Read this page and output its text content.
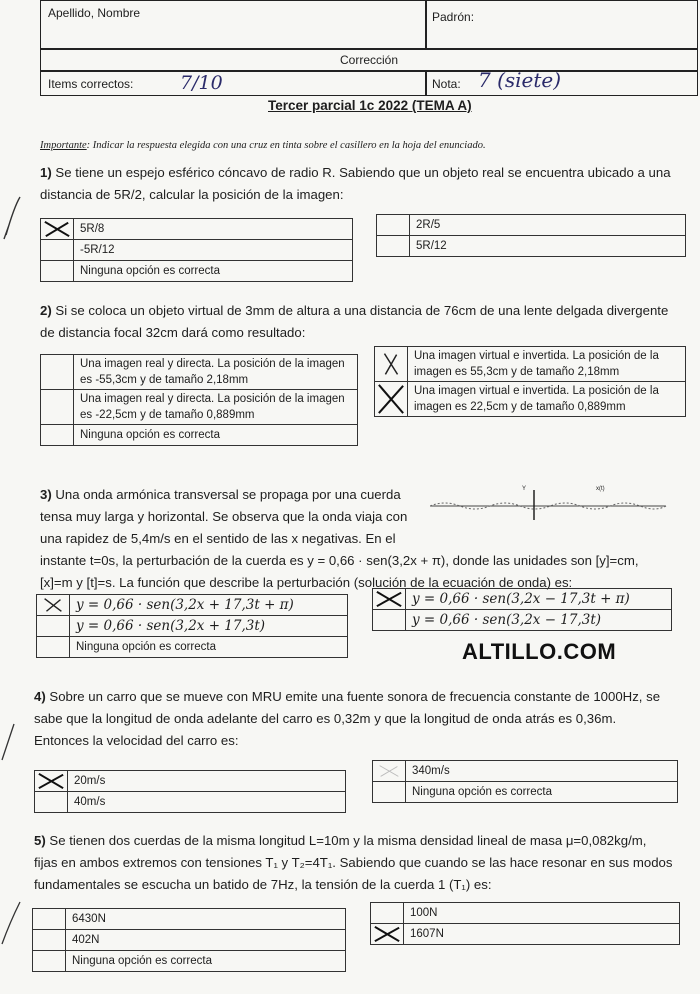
Apellido, Nombre	Padrón:
Corrección
Items correctos: 7/10	Nota: 7 (siete)
Tercer parcial 1c 2022 (TEMA A)
Importante: Indicar la respuesta elegida con una cruz en tinta sobre el casillero en la hoja del enunciado.
1) Se tiene un espejo esférico cóncavo de radio R. Sabiendo que un objeto real se encuentra ubicado a una
distancia de 5R/2, calcular la posición de la imagen:
	5R/8
	-5R/12
	Ninguna opción es correcta
	2R/5
	5R/12
2) Si se coloca un objeto virtual de 3mm de altura a una distancia de 76cm de una lente delgada divergente
de distancia focal 32cm dará como resultado:
	Una imagen real y directa. La posición de la imagen es -55,3cm y de tamaño 2,18mm
	Una imagen real y directa. La posición de la imagen es -22,5cm y de tamaño 0,889mm
	Ninguna opción es correcta
	Una imagen virtual e invertida. La posición de la imagen es 55,3cm y de tamaño 2,18mm

	Una imagen virtual e invertida. La posición de la imagen es 22,5cm y de tamaño 0,889mm
3) Una onda armónica transversal se propaga por una cuerda
tensa muy larga y horizontal. Se observa que la onda viaja con
una rapidez de 5,4m/s en el sentido de las x negativas. En el
instante t=0s, la perturbación de la cuerda es y = 0,66 · sen(3,2x + π), donde las unidades son [y]=cm,
[x]=m y [t]=s. La función que describe la perturbación (solución de la ecuación de onda) es:
Y	x(t)
	y = 0,66 · sen(3,2x + 17,3t + π)
	y = 0,66 · sen(3,2x + 17,3t)
	Ninguna opción es correcta
	y = 0,66 · sen(3,2x − 17,3t + π)
	y = 0,66 · sen(3,2x − 17,3t)
ALTILLO.COM
4) Sobre un carro que se mueve con MRU emite una fuente sonora de frecuencia constante de 1000Hz, se
sabe que la longitud de onda adelante del carro es 0,32m y que la longitud de onda atrás es 0,36m.
Entonces la velocidad del carro es:
	20m/s
	40m/s
	340m/s
	Ninguna opción es correcta
5) Se tienen dos cuerdas de la misma longitud L=10m y la misma densidad lineal de masa μ=0,082kg/m,
fijas en ambos extremos con tensiones T₁ y T₂=4T₁. Sabiendo que cuando se las hace resonar en sus modos
fundamentales se escucha un batido de 7Hz, la tensión de la cuerda 1 (T₁) es:
	6430N
	402N
	Ninguna opción es correcta
	100N

	1607N
